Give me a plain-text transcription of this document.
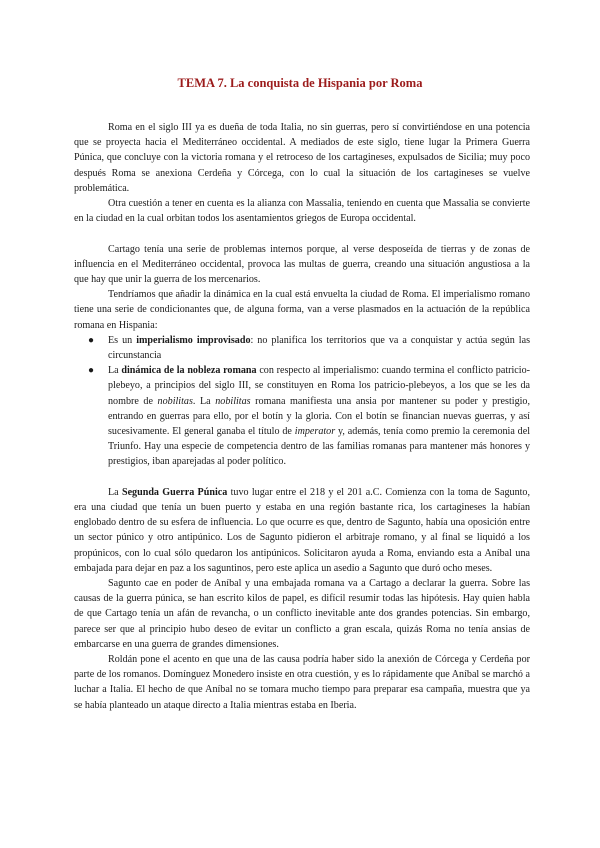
TEMA 7. La conquista de Hispania por Roma

Roma en el siglo III ya es dueña de toda Italia, no sin guerras, pero sí convirtiéndose en una potencia que se proyecta hacia el Mediterráneo occidental. A mediados de este siglo, tiene lugar la Primera Guerra Púnica, que concluye con la victoria romana y el retroceso de los cartagineses, expulsados de Sicilia; muy poco después Roma se anexiona Cerdeña y Córcega, con lo cual la situación de los cartagineses se vuelve problemática.

Otra cuestión a tener en cuenta es la alianza con Massalia, teniendo en cuenta que Massalia se convierte en la ciudad en la cual orbitan todos los asentamientos griegos de Europa occidental.

Cartago tenía una serie de problemas internos porque, al verse desposeída de tierras y de zonas de influencia en el Mediterráneo occidental, provoca las multas de guerra, creando una situación angustiosa a la que hay que unir la guerra de los mercenarios.

Tendríamos que añadir la dinámica en la cual está envuelta la ciudad de Roma. El imperialismo romano tiene una serie de condicionantes que, de alguna forma, van a verse plasmados en la actuación de la república romana en Hispania:

● Es un imperialismo improvisado: no planifica los territorios que va a conquistar y actúa según las circunstancia
● La dinámica de la nobleza romana con respecto al imperialismo: cuando termina el conflicto patricio-plebeyo, a principios del siglo III, se constituyen en Roma los patricio-plebeyos, a los que se les da nombre de nobilitas. La nobilitas romana manifiesta una ansia por mantener su poder y prestigio, entrando en guerras para ello, por el botín y la gloria. Con el botín se financian nuevas guerras, y así sucesivamente. El general ganaba el título de imperator y, además, tenía como premio la ceremonia del Triunfo. Hay una especie de competencia dentro de las familias romanas para mantener más honores y prestigios, iban aparejadas al poder político.

La Segunda Guerra Púnica tuvo lugar entre el 218 y el 201 a.C. Comienza con la toma de Sagunto, era una ciudad que tenía un buen puerto y estaba en una región bastante rica, los cartagineses la habían englobado dentro de su esfera de influencia. Lo que ocurre es que, dentro de Sagunto, había una oposición entre un sector púnico y otro antipúnico. Los de Sagunto pidieron el arbitraje romano, y al final se liquidó a los propúnicos, con lo cual sólo quedaron los antipúnicos. Solicitaron ayuda a Roma, enviando esta a Aníbal una embajada para dejar en paz a los saguntinos, pero este aplica un asedio a Sagunto que duró ocho meses.

Sagunto cae en poder de Aníbal y una embajada romana va a Cartago a declarar la guerra. Sobre las causas de la guerra púnica, se han escrito kilos de papel, es difícil resumir todas las hipótesis. Hay quien habla de que Cartago tenía un afán de revancha, o un conflicto inevitable ante dos grandes potencias. Sin embargo, parece ser que al principio hubo deseo de evitar un conflicto a gran escala, quizás Roma no tenía ansias de embarcarse en una guerra de grandes dimensiones.

Roldán pone el acento en que una de las causa podría haber sido la anexión de Córcega y Cerdeña por parte de los romanos. Domínguez Monedero insiste en otra cuestión, y es lo rápidamente que Aníbal se marchó a luchar a Italia. El hecho de que Aníbal no se tomara mucho tiempo para preparar esa campaña, muestra que ya se había planteado un ataque directo a Italia mientras estaba en Iberia.
